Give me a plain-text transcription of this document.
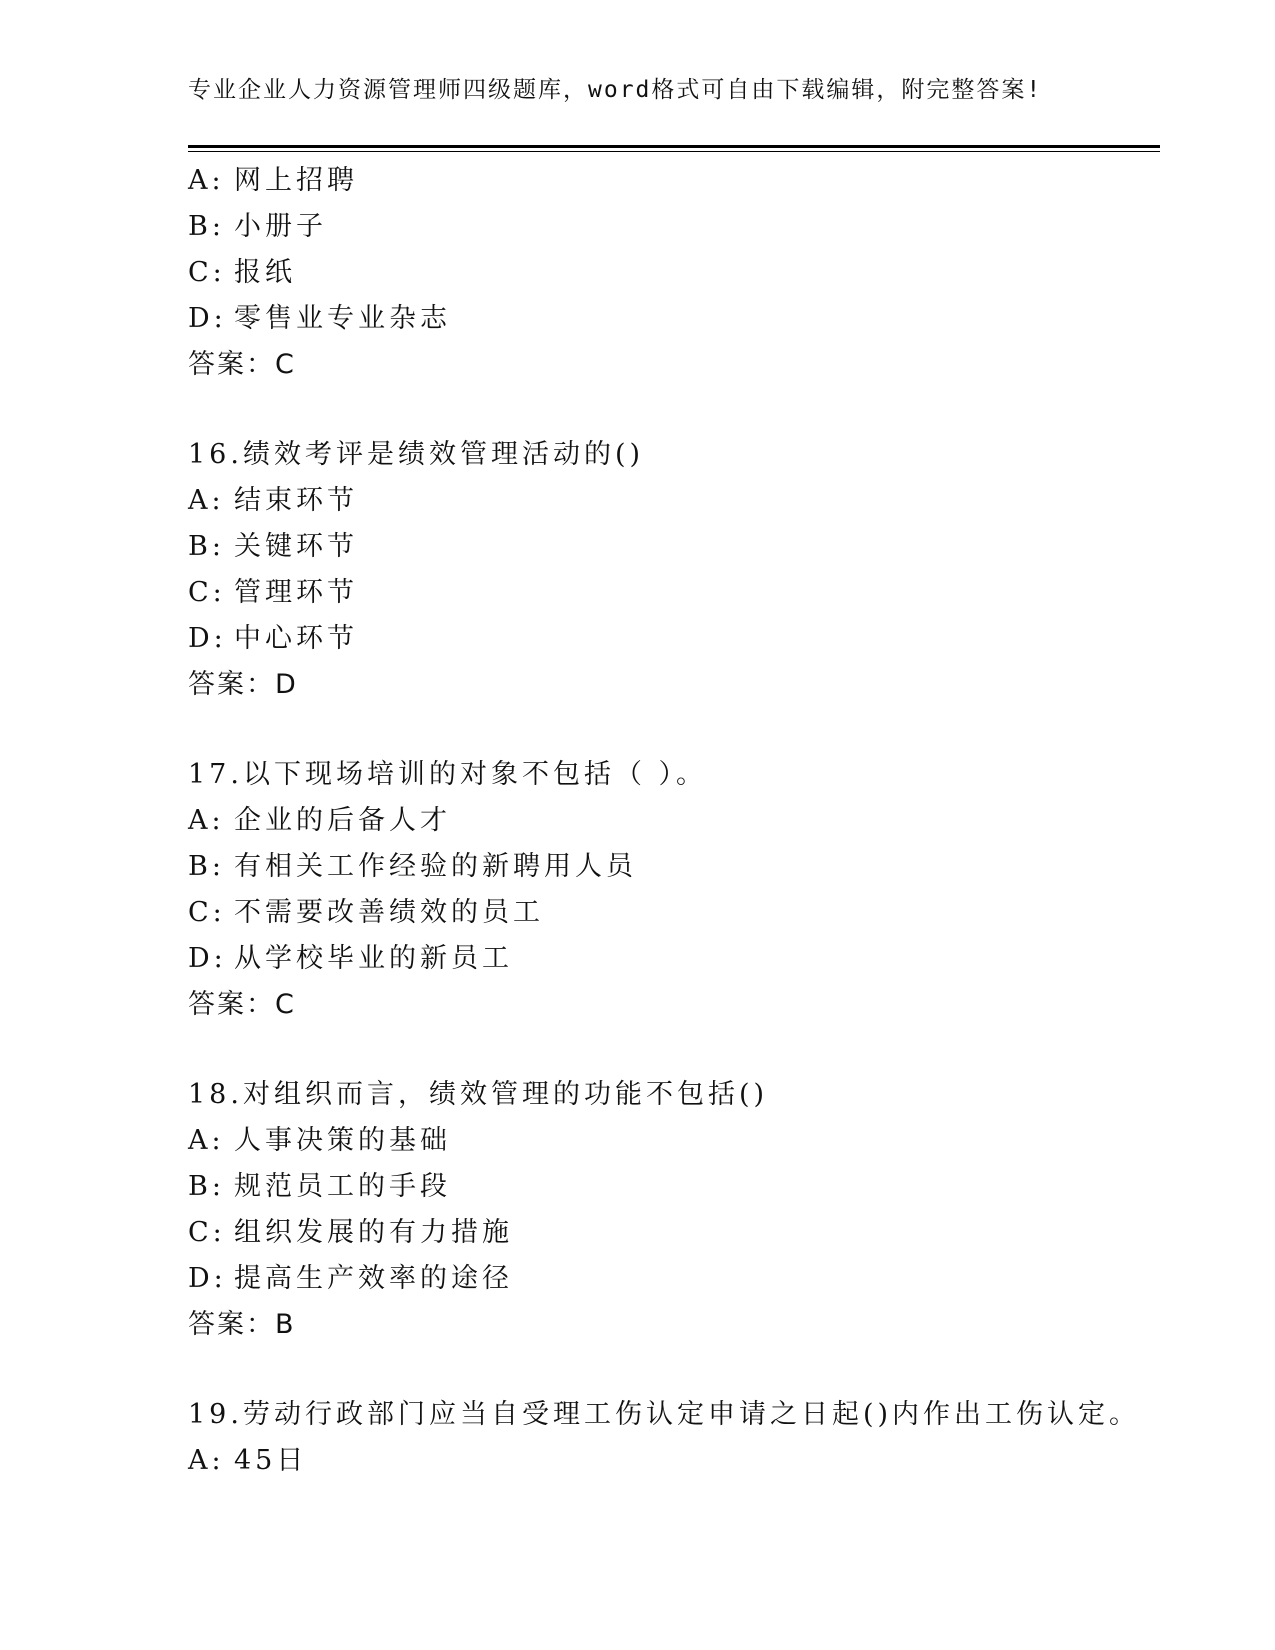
专业企业人力资源管理师四级题库，word格式可自由下载编辑，附完整答案!
A: 网上招聘
B: 小册子
C: 报纸
D: 零售业专业杂志
答案：C
16.绩效考评是绩效管理活动的()
A: 结束环节
B: 关键环节
C: 管理环节
D: 中心环节
答案：D
17.以下现场培训的对象不包括（ ）。
A: 企业的后备人才
B: 有相关工作经验的新聘用人员
C: 不需要改善绩效的员工
D: 从学校毕业的新员工
答案：C
18.对组织而言，绩效管理的功能不包括()
A: 人事决策的基础
B: 规范员工的手段
C: 组织发展的有力措施
D: 提高生产效率的途径
答案：B
19.劳动行政部门应当自受理工伤认定申请之日起()内作出工伤认定。
A: 45日
